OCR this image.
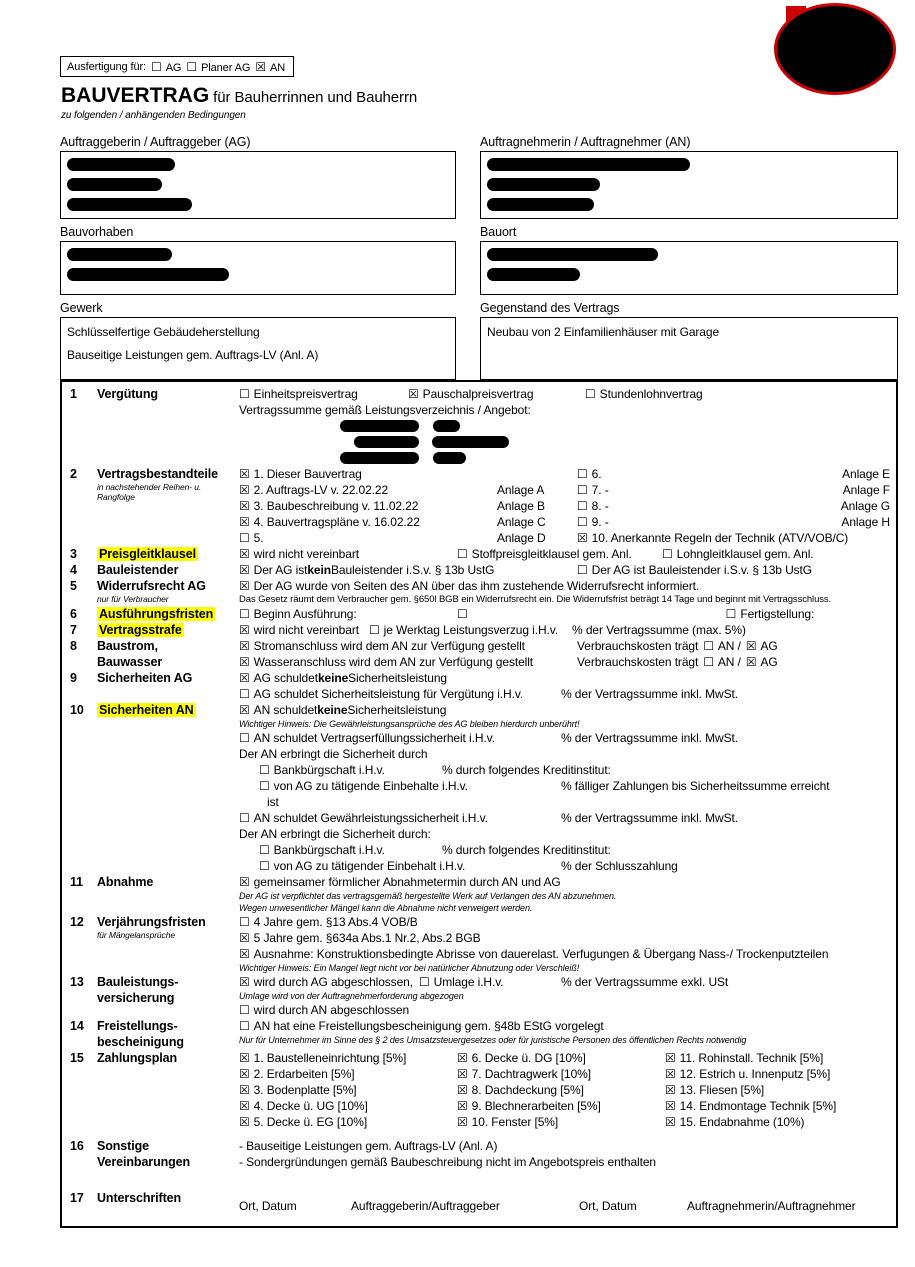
Ausfertigung für: ☐ AG ☐ Planer AG ☒ AN
BAUVERTRAG für Bauherrinnen und Bauherrn
zu folgenden / anhängenden Bedingungen
Auftraggeberin / Auftraggeber (AG)
Bauvorhaben
Gewerk
Schlüsselfertige Gebäudeherstellung
Bauseitige Leistungen gem. Auftrags-LV (Anl. A)
Auftragnehmerin / Auftragnehmer (AN)
Bauort
Gegenstand des Vertrags
Neubau von 2 Einfamilienhäuser mit Garage
1	Vergütung	☐ Einheitspreisvertrag	☒ Pauschalpreisvertrag	☐ Stundenlohnvertrag
Vertragssumme gemäß Leistungsverzeichnis / Angebot:
2	Vertragsbestandteile
in nachstehender Reihen- u.
Rangfolge
☒ 1. Dieser Bauvertrag	☐ 6.	Anlage E
☒ 2. Auftrags-LV v. 22.02.22	Anlage A	☐ 7. -	Anlage F
☒ 3. Baubeschreibung v. 11.02.22	Anlage B	☐ 8. -	Anlage G
☒ 4. Bauvertragspläne v. 16.02.22	Anlage C	☐ 9. -	Anlage H
☐ 5.	Anlage D	☒ 10. Anerkannte Regeln der Technik (ATV/VOB/C)
3	Preisgleitklausel	☒ wird nicht vereinbart	☐ Stoffpreisgleitklausel gem. Anl.	☐ Lohngleitklausel gem. Anl.
4	Bauleistender	☒ Der AG ist kein Bauleistender i.S.v. § 13b UstG	☐ Der AG ist Bauleistender i.S.v. § 13b UstG
5	Widerrufsrecht AG
nur für Verbraucher
☒ Der AG wurde von Seiten des AN über das ihm zustehende Widerrufsrecht informiert.
Das Gesetz räumt dem Verbraucher gem. §650l BGB ein Widerrufsrecht ein. Die Widerrufsfrist beträgt 14 Tage und beginnt mit Vertragsschluss.
6	Ausführungsfristen	☐ Beginn Ausführung:	☐	☐ Fertigstellung:
7	Vertragsstrafe	☒ wird nicht vereinbart ☐ je Werktag Leistungsverzug i.H.v. % der Vertragssumme (max. 5%)
8	Baustrom,
Bauwasser
☒ Stromanschluss wird dem AN zur Verfügung gestellt	Verbrauchskosten trägt ☐ AN / ☒ AG
☒ Wasseranschluss wird dem AN zur Verfügung gestellt	Verbrauchskosten trägt ☐ AN / ☒ AG
9	Sicherheiten AG	☒ AG schuldet keine Sicherheitsleistung
☐ AG schuldet Sicherheitsleistung für Vergütung i.H.v.	% der Vertragssumme inkl. MwSt.
10	Sicherheiten AN	☒ AN schuldet keine Sicherheitsleistung
Wichtiger Hinweis: Die Gewährleistungsansprüche des AG bleiben hierdurch unberührt!
☐ AN schuldet Vertragserfüllungssicherheit i.H.v.	% der Vertragssumme inkl. MwSt.
Der AN erbringt die Sicherheit durch
☐ Bankbürgschaft i.H.v.	% durch folgendes Kreditinstitut:
☐ von AG zu tätigende Einbehalte i.H.v.	% fälliger Zahlungen bis Sicherheitssumme erreicht
ist
☐ AN schuldet Gewährleistungssicherheit i.H.v.	% der Vertragssumme inkl. MwSt.
Der AN erbringt die Sicherheit durch:
☐ Bankbürgschaft i.H.v.	% durch folgendes Kreditinstitut:
☐ von AG zu tätigender Einbehalt i.H.v.	% der Schlusszahlung
11	Abnahme	☒ gemeinsamer förmlicher Abnahmetermin durch AN und AG
Der AG ist verpflichtet das vertragsgemäß hergestellte Werk auf Verlangen des AN abzunehmen.
Wegen unwesentlicher Mängel kann die Abnahme nicht verweigert werden.
12	Verjährungsfristen
für Mängelansprüche
☐ 4 Jahre gem. §13 Abs.4 VOB/B
☒ 5 Jahre gem. §634a Abs.1 Nr.2, Abs.2 BGB
☒ Ausnahme: Konstruktionsbedingte Abrisse von dauerelast. Verfugungen & Übergang Nass-/ Trockenputzteilen
Wichtiger Hinweis: Ein Mangel liegt nicht vor bei natürlicher Abnutzung oder Verschleiß!
13	Bauleistungs-
versicherung
☒ wird durch AG abgeschlossen, ☐ Umlage i.H.v.	% der Vertragssumme exkl. USt
Umlage wird von der Auftragnehmerforderung abgezogen
☐ wird durch AN abgeschlossen
14	Freistellungs-
bescheinigung
☐ AN hat eine Freistellungsbescheinigung gem. §48b EStG vorgelegt
Nur für Unternehmer im Sinne des § 2 des Umsatzsteuergesetzes oder für juristische Personen des öffentlichen Rechts notwendig
15	Zahlungsplan	☒ 1. Baustelleneinrichtung [5%]	☒ 6. Decke ü. DG [10%]	☒ 11. Rohinstall. Technik [5%]
☒ 2. Erdarbeiten [5%]	☒ 7. Dachtragwerk [10%]	☒ 12. Estrich u. Innenputz [5%]
☒ 3. Bodenplatte [5%]	☒ 8. Dachdeckung [5%]	☒ 13. Fliesen [5%]
☒ 4. Decke ü. UG [10%]	☒ 9. Blechnerarbeiten [5%]	☒ 14. Endmontage Technik [5%]
☒ 5. Decke ü. EG [10%]	☒ 10. Fenster [5%]	☒ 15. Endabnahme (10%)
16	Sonstige
Vereinbarungen
- Bauseitige Leistungen gem. Auftrags-LV (Anl. A)
- Sondergründungen gemäß Baubeschreibung nicht im Angebotspreis enthalten
17	Unterschriften
Ort, Datum	Auftraggeberin/Auftraggeber	Ort, Datum	Auftragnehmerin/Auftragnehmer
